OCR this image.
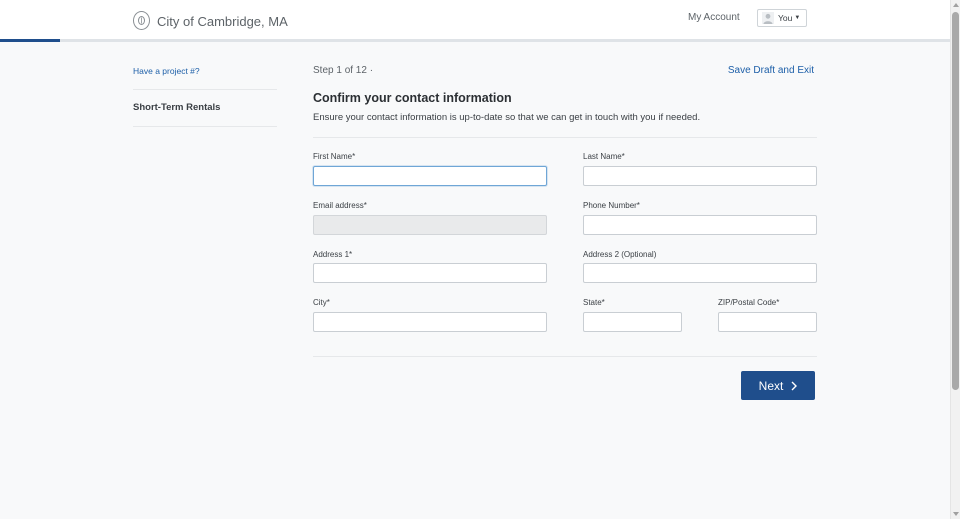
City of Cambridge, MA	My Account	You ▼
Have a project #?
Short-Term Rentals
Step 1 of 12 ·	Save Draft and Exit
Confirm your contact information

Ensure your contact information is up-to-date so that we can get in touch with you if needed.

First Name*	Last Name*
Email address*	Phone Number*
Address 1*	Address 2 (Optional)
City*	State*	ZIP/Postal Code*
Next
